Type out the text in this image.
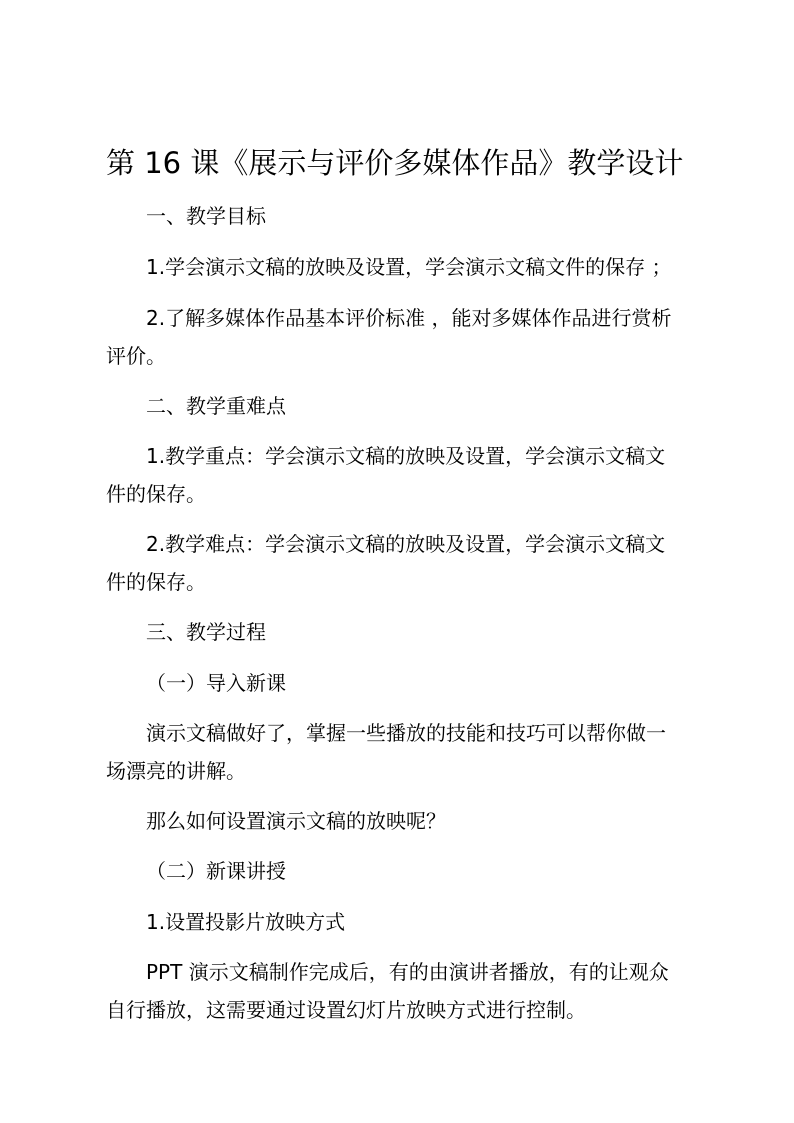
第 16 课《展示与评价多媒体作品》教学设计

一、教学目标

1.学会演示文稿的放映及设置，学会演示文稿文件的保存 ；

2.了解多媒体作品基本评价标准 ，能对多媒体作品进行赏析

评价。

二、教学重难点

1.教学重点：学会演示文稿的放映及设置，学会演示文稿文

件的保存。

2.教学难点：学会演示文稿的放映及设置，学会演示文稿文

件的保存。

三、教学过程

（一）导入新课

演示文稿做好了，掌握一些播放的技能和技巧可以帮你做一

场漂亮的讲解。

那么如何设置演示文稿的放映呢？

（二）新课讲授

1.设置投影片放映方式

PPT 演示文稿制作完成后，有的由演讲者播放，有的让观众

自行播放，这需要通过设置幻灯片放映方式进行控制。
